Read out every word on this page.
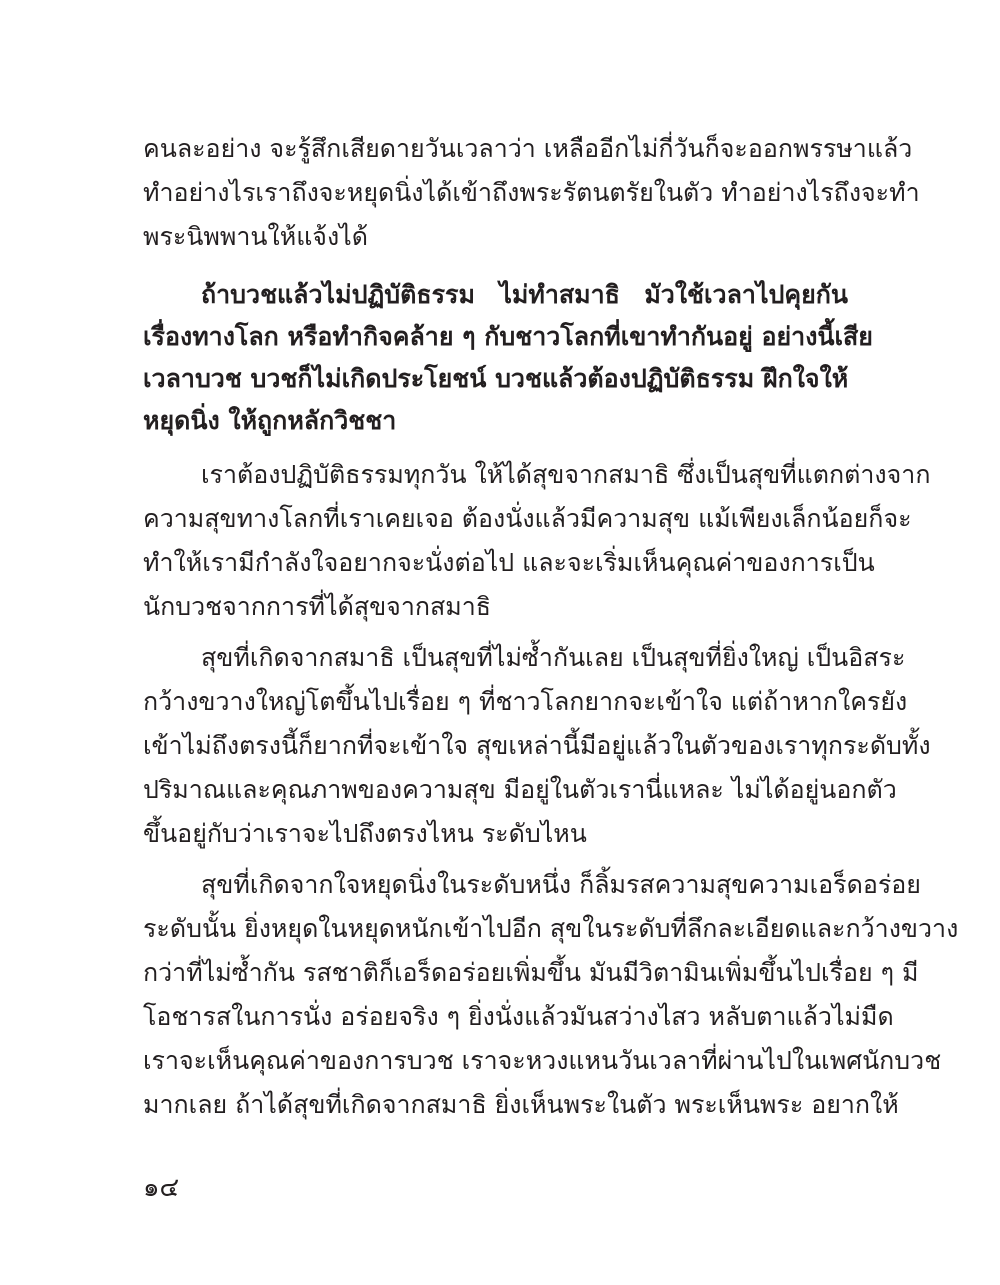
คนละอย่าง จะรู้สึกเสียดายวันเวลาว่า เหลืออีกไม่กี่วันก็จะออกพรรษาแล้ว
ทำอย่างไรเราถึงจะหยุดนิ่งได้เข้าถึงพระรัตนตรัยในตัว ทำอย่างไรถึงจะทำ
พระนิพพานให้แจ้งได้
ถ้าบวชแล้วไม่ปฏิบัติธรรม ไม่ทำสมาธิ มัวใช้เวลาไปคุยกัน
เรื่องทางโลก หรือทำกิจคล้าย ๆ กับชาวโลกที่เขาทำกันอยู่ อย่างนี้เสีย
เวลาบวช บวชก็ไม่เกิดประโยชน์ บวชแล้วต้องปฏิบัติธรรม ฝึกใจให้
หยุดนิ่ง ให้ถูกหลักวิชชา
เราต้องปฏิบัติธรรมทุกวัน ให้ได้สุขจากสมาธิ ซึ่งเป็นสุขที่แตกต่างจาก
ความสุขทางโลกที่เราเคยเจอ ต้องนั่งแล้วมีความสุข แม้เพียงเล็กน้อยก็จะ
ทำให้เรามีกำลังใจอยากจะนั่งต่อไป และจะเริ่มเห็นคุณค่าของการเป็น
นักบวชจากการที่ได้สุขจากสมาธิ
สุขที่เกิดจากสมาธิ เป็นสุขที่ไม่ซ้ำกันเลย เป็นสุขที่ยิ่งใหญ่ เป็นอิสระ
กว้างขวางใหญ่โตขึ้นไปเรื่อย ๆ ที่ชาวโลกยากจะเข้าใจ แต่ถ้าหากใครยัง
เข้าไม่ถึงตรงนี้ก็ยากที่จะเข้าใจ สุขเหล่านี้มีอยู่แล้วในตัวของเราทุกระดับทั้ง
ปริมาณและคุณภาพของความสุข มีอยู่ในตัวเรานี่แหละ ไม่ได้อยู่นอกตัว
ขึ้นอยู่กับว่าเราจะไปถึงตรงไหน ระดับไหน
สุขที่เกิดจากใจหยุดนิ่งในระดับหนึ่ง ก็ลิ้มรสความสุขความเอร็ดอร่อย
ระดับนั้น ยิ่งหยุดในหยุดหนักเข้าไปอีก สุขในระดับที่ลึกละเอียดและกว้างขวาง
กว่าที่ไม่ซ้ำกัน รสชาติก็เอร็ดอร่อยเพิ่มขึ้น มันมีวิตามินเพิ่มขึ้นไปเรื่อย ๆ มี
โอชารสในการนั่ง อร่อยจริง ๆ ยิ่งนั่งแล้วมันสว่างไสว หลับตาแล้วไม่มืด
เราจะเห็นคุณค่าของการบวช เราจะหวงแหนวันเวลาที่ผ่านไปในเพศนักบวช
มากเลย ถ้าได้สุขที่เกิดจากสมาธิ ยิ่งเห็นพระในตัว พระเห็นพระ อยากให้
๑๔
